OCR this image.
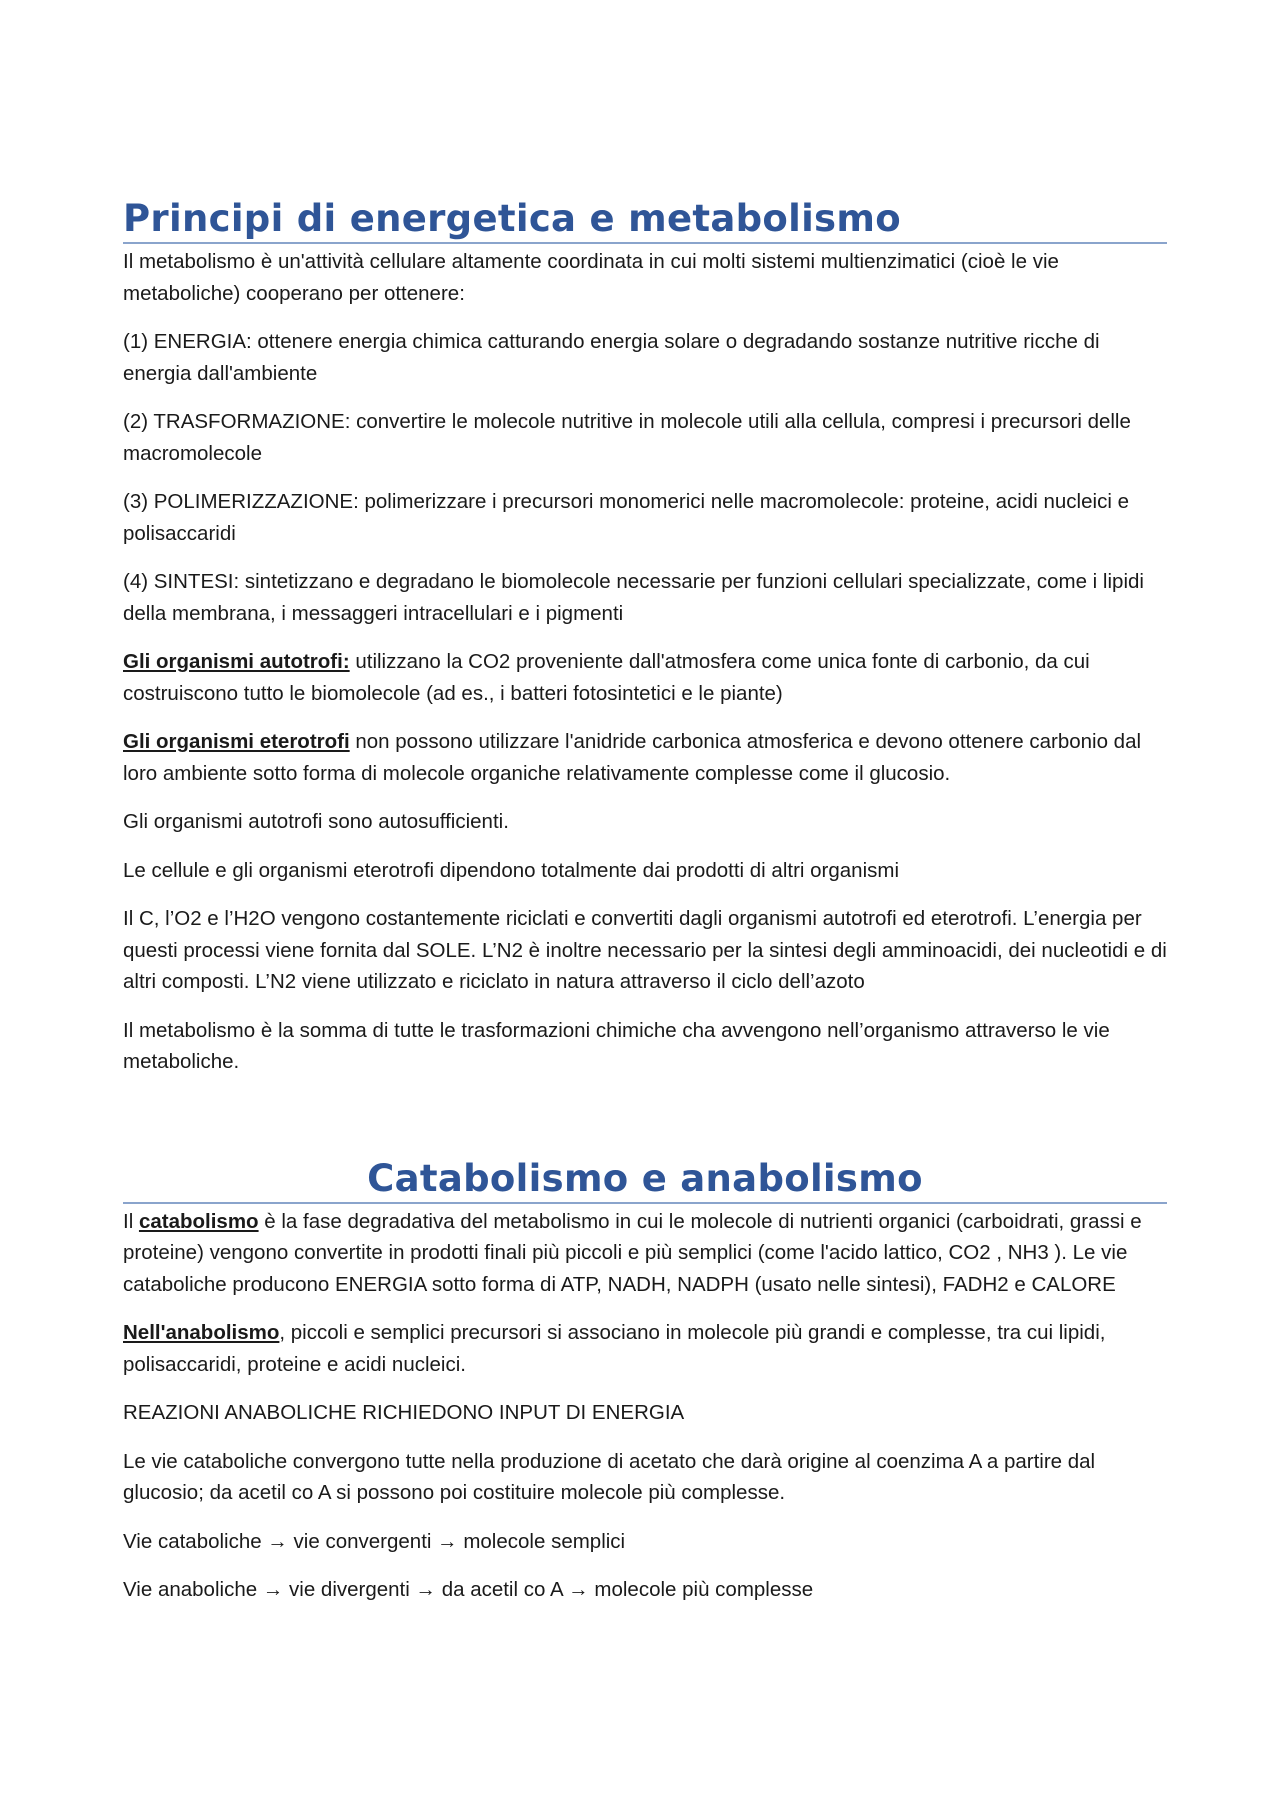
Principi di energetica e metabolismo

Il metabolismo è un'attività cellulare altamente coordinata in cui molti sistemi multienzimatici (cioè le vie metaboliche) cooperano per ottenere:

(1) ENERGIA: ottenere energia chimica catturando energia solare o degradando sostanze nutritive ricche di energia dall'ambiente

(2) TRASFORMAZIONE: convertire le molecole nutritive in molecole utili alla cellula, compresi i precursori delle macromolecole

(3) POLIMERIZZAZIONE: polimerizzare i precursori monomerici nelle macromolecole: proteine, acidi nucleici e polisaccaridi

(4) SINTESI: sintetizzano e degradano le biomolecole necessarie per funzioni cellulari specializzate, come i lipidi della membrana, i messaggeri intracellulari e i pigmenti

Gli organismi autotrofi: utilizzano la CO2 proveniente dall'atmosfera come unica fonte di carbonio, da cui costruiscono tutto le biomolecole (ad es., i batteri fotosintetici e le piante)

Gli organismi eterotrofi non possono utilizzare l'anidride carbonica atmosferica e devono ottenere carbonio dal loro ambiente sotto forma di molecole organiche relativamente complesse come il glucosio.

Gli organismi autotrofi sono autosufficienti.

Le cellule e gli organismi eterotrofi dipendono totalmente dai prodotti di altri organismi

Il C, l’O2 e l’H2O vengono costantemente riciclati e convertiti dagli organismi autotrofi ed eterotrofi. L’energia per questi processi viene fornita dal SOLE. L’N2 è inoltre necessario per la sintesi degli amminoacidi, dei nucleotidi e di altri composti. L’N2 viene utilizzato e riciclato in natura attraverso il ciclo dell’azoto

Il metabolismo è la somma di tutte le trasformazioni chimiche cha avvengono nell’organismo attraverso le vie metaboliche.

Catabolismo e anabolismo

Il catabolismo è la fase degradativa del metabolismo in cui le molecole di nutrienti organici (carboidrati, grassi e proteine) vengono convertite in prodotti finali più piccoli e più semplici (come l'acido lattico, CO2 , NH3 ). Le vie cataboliche producono ENERGIA sotto forma di ATP, NADH, NADPH (usato nelle sintesi), FADH2 e CALORE

Nell'anabolismo, piccoli e semplici precursori si associano in molecole più grandi e complesse, tra cui lipidi, polisaccaridi, proteine e acidi nucleici.

REAZIONI ANABOLICHE RICHIEDONO INPUT DI ENERGIA

Le vie cataboliche convergono tutte nella produzione di acetato che darà origine al coenzima A a partire dal glucosio; da acetil co A si possono poi costituire molecole più complesse.

Vie cataboliche → vie convergenti → molecole semplici

Vie anaboliche → vie divergenti → da acetil co A → molecole più complesse
